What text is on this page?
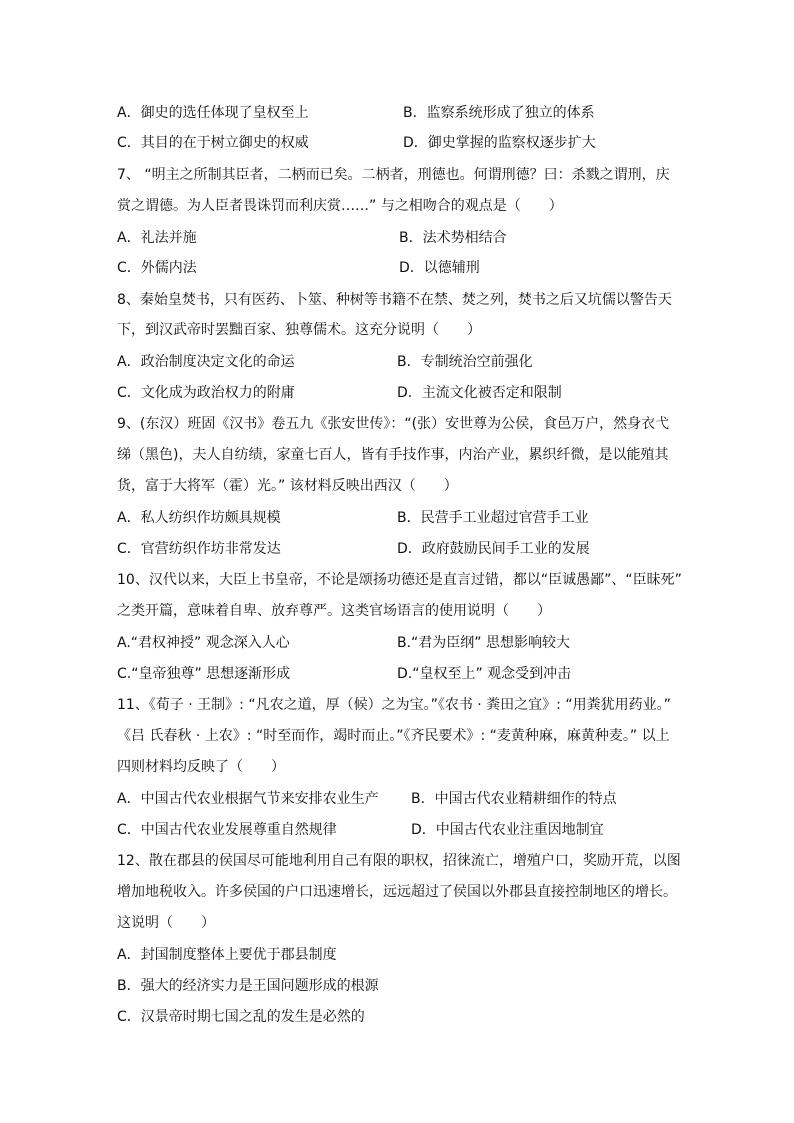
A．御史的选任体现了皇权至上	B．监察系统形成了独立的体系
C．其目的在于树立御史的权威	D．御史掌握的监察权逐步扩大
7、 “明主之所制其臣者，二柄而已矣。二柄者，刑德也。何谓刑德？曰：杀戮之谓刑，庆
赏之谓德。为人臣者畏诛罚而利庆赏……” 与之相吻合的观点是（　　）
A．礼法并施	B．法术势相结合
C．外儒内法	D．以德辅刑
8、秦始皇焚书，只有医药、卜筮、种树等书籍不在禁、焚之列，焚书之后又坑儒以警告天
下，到汉武帝时罢黜百家、独尊儒术。这充分说明（　　）
A．政治制度决定文化的命运	B．专制统治空前强化
C．文化成为政治权力的附庸	D．主流文化被否定和限制
9、(东汉）班固《汉书》卷五九《张安世传》：“(张）安世尊为公侯，食邑万户，然身衣弋
绨（黑色)，夫人自纺绩，家童七百人，皆有手技作事，内治产业，累织纤微，是以能殖其
货，富于大将军（霍）光。” 该材料反映出西汉（　　）
A．私人纺织作坊颇具规模	B．民营手工业超过官营手工业
C．官营纺织作坊非常发达	D．政府鼓励民间手工业的发展
10、汉代以来，大臣上书皇帝，不论是颂扬功德还是直言过错，都以“臣诚愚鄙”、“臣昧死”
之类开篇，意味着自卑、放弃尊严。这类官场语言的使用说明（　　）
A.“君权神授” 观念深入人心	B.“君为臣纲” 思想影响较大
C.“皇帝独尊” 思想逐渐形成	D.“皇权至上” 观念受到冲击
11、《荀子 · 王制》: “凡农之道，厚（候）之为宝。”《农书 · 粪田之宜》: “用粪犹用药业。”
《吕 氏春秋 · 上农》: “时至而作，竭时而止。”《齐民要术》: “麦黄种麻，麻黄种麦。” 以上
四则材料均反映了（　　）
A．中国古代农业根据气节来安排农业生产 B．中国古代农业精耕细作的特点
C．中国古代农业发展尊重自然规律	D．中国古代农业注重因地制宜
12、散在郡县的侯国尽可能地利用自己有限的职权，招徕流亡，增殖户口，奖励开荒，以图
增加地税收入。许多侯国的户口迅速增长，远远超过了侯国以外郡县直接控制地区的增长。
这说明（　　）
A．封国制度整体上要优于郡县制度
B．强大的经济实力是王国问题形成的根源
C．汉景帝时期七国之乱的发生是必然的
